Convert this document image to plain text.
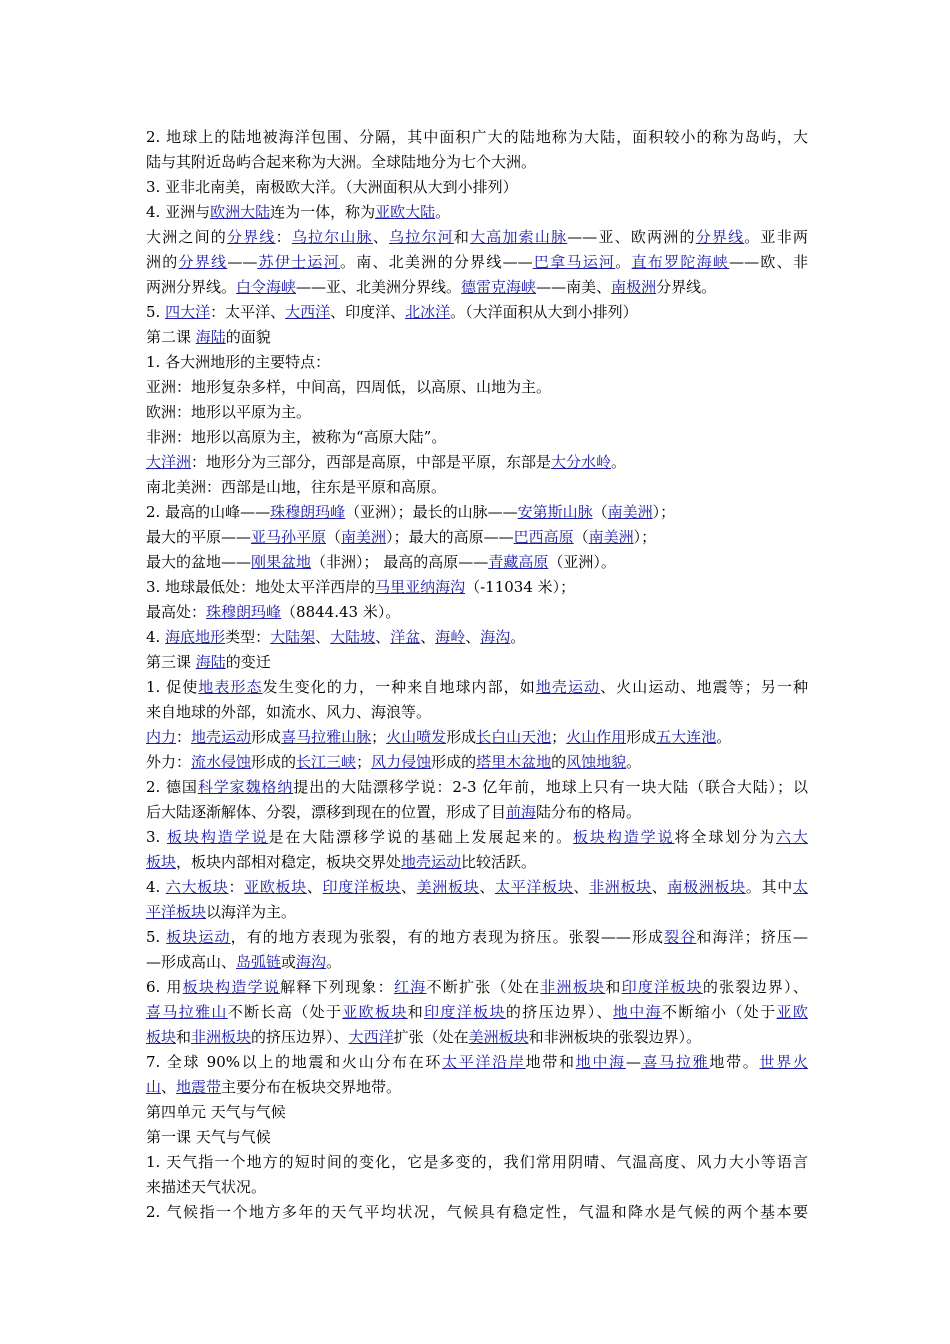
2. 地球上的陆地被海洋包围、分隔，其中面积广大的陆地称为大陆，面积较小的称为岛屿，大
陆与其附近岛屿合起来称为大洲。全球陆地分为七个大洲。
3. 亚非北南美，南极欧大洋。（大洲面积从大到小排列）
4. 亚洲与欧洲大陆连为一体，称为亚欧大陆。
大洲之间的分界线：乌拉尔山脉、乌拉尔河和大高加索山脉——亚、欧两洲的分界线。亚非两
洲的分界线——苏伊士运河。南、北美洲的分界线——巴拿马运河。直布罗陀海峡——欧、非
两洲分界线。白令海峡——亚、北美洲分界线。德雷克海峡——南美、南极洲分界线。
5. 四大洋：太平洋、大西洋、印度洋、北冰洋。（大洋面积从大到小排列）
第二课 海陆的面貌
1. 各大洲地形的主要特点：
亚洲：地形复杂多样，中间高，四周低，以高原、山地为主。
欧洲：地形以平原为主。
非洲：地形以高原为主，被称为“高原大陆”。
大洋洲：地形分为三部分，西部是高原，中部是平原，东部是大分水岭。
南北美洲：西部是山地，往东是平原和高原。
2. 最高的山峰——珠穆朗玛峰（亚洲）；最长的山脉——安第斯山脉（南美洲）；
最大的平原——亚马孙平原（南美洲）；最大的高原——巴西高原（南美洲）；
最大的盆地——刚果盆地（非洲）； 最高的高原——青藏高原（亚洲）。
3. 地球最低处：地处太平洋西岸的马里亚纳海沟（-11034 米）；
最高处：珠穆朗玛峰（8844.43 米）。
4. 海底地形类型：大陆架、大陆坡、洋盆、海岭、海沟。
第三课 海陆的变迁
1. 促使地表形态发生变化的力，一种来自地球内部，如地壳运动、火山运动、地震等；另一种
来自地球的外部，如流水、风力、海浪等。
内力：地壳运动形成喜马拉雅山脉；火山喷发形成长白山天池；火山作用形成五大连池。
外力：流水侵蚀形成的长江三峡；风力侵蚀形成的塔里木盆地的风蚀地貌。
2. 德国科学家魏格纳提出的大陆漂移学说：2-3 亿年前，地球上只有一块大陆（联合大陆）；以
后大陆逐渐解体、分裂，漂移到现在的位置，形成了目前海陆分布的格局。
3. 板块构造学说是在大陆漂移学说的基础上发展起来的。板块构造学说将全球划分为六大
板块，板块内部相对稳定，板块交界处地壳运动比较活跃。
4. 六大板块：亚欧板块、印度洋板块、美洲板块、太平洋板块、非洲板块、南极洲板块。其中太
平洋板块以海洋为主。
5. 板块运动，有的地方表现为张裂，有的地方表现为挤压。张裂——形成裂谷和海洋；挤压—
—形成高山、岛弧链或海沟。
6. 用板块构造学说解释下列现象：红海不断扩张（处在非洲板块和印度洋板块的张裂边界）、
喜马拉雅山不断长高（处于亚欧板块和印度洋板块的挤压边界）、地中海不断缩小（处于亚欧
板块和非洲板块的挤压边界）、大西洋扩张（处在美洲板块和非洲板块的张裂边界）。
7. 全球 90%以上的地震和火山分布在环太平洋沿岸地带和地中海—喜马拉雅地带。世界火
山、地震带主要分布在板块交界地带。
第四单元 天气与气候
第一课 天气与气候
1. 天气指一个地方的短时间的变化，它是多变的，我们常用阴晴、气温高度、风力大小等语言
来描述天气状况。
2. 气候指一个地方多年的天气平均状况，气候具有稳定性，气温和降水是气候的两个基本要
